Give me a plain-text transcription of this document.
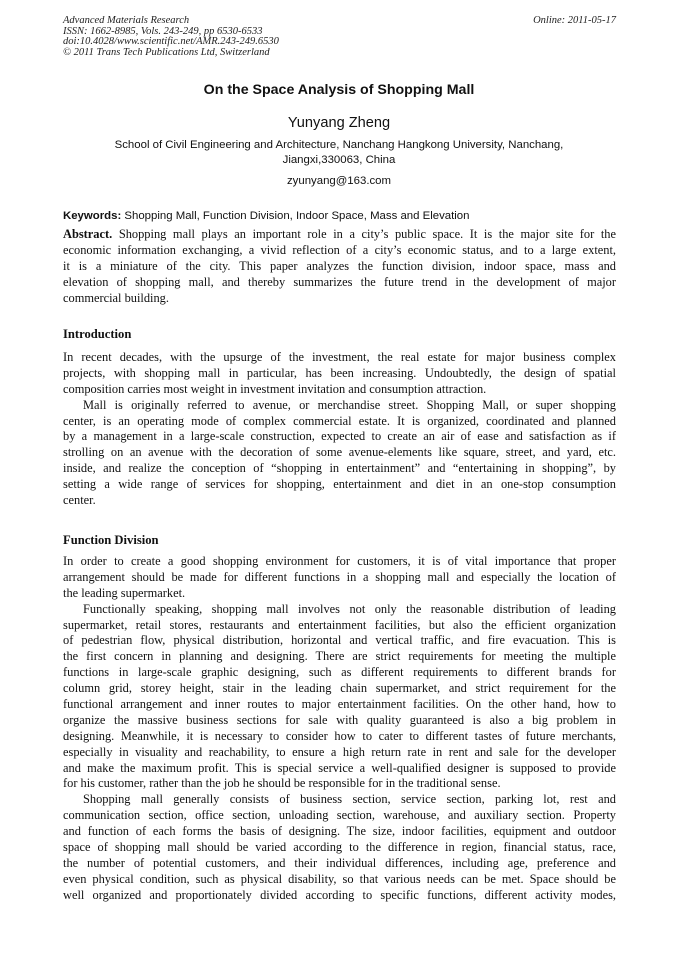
Advanced Materials Research	Online: 2011-05-17
ISSN: 1662-8985, Vols. 243-249, pp 6530-6533
doi:10.4028/www.scientific.net/AMR.243-249.6530
© 2011 Trans Tech Publications Ltd, Switzerland
On the Space Analysis of Shopping Mall
Yunyang Zheng
School of Civil Engineering and Architecture, Nanchang Hangkong University, Nanchang,
Jiangxi,330063, China
zyunyang@163.com
Keywords: Shopping Mall, Function Division, Indoor Space, Mass and Elevation
Abstract. Shopping mall plays an important role in a city’s public space. It is the major site for the
economic information exchanging, a vivid reflection of a city’s economic status, and to a large extent,
it is a miniature of the city. This paper analyzes the function division, indoor space, mass and
elevation of shopping mall, and thereby summarizes the future trend in the development of major
commercial building.
Introduction
In recent decades, with the upsurge of the investment, the real estate for major business complex
projects, with shopping mall in particular, has been increasing. Undoubtedly, the design of spatial
composition carries most weight in investment invitation and consumption attraction.
Mall is originally referred to avenue, or merchandise street. Shopping Mall, or super shopping
center, is an operating mode of complex commercial estate. It is organized, coordinated and planned
by a management in a large-scale construction, expected to create an air of ease and satisfaction as if
strolling on an avenue with the decoration of some avenue-elements like square, street, and yard, etc.
inside, and realize the conception of “shopping in entertainment” and “entertaining in shopping”, by
setting a wide range of services for shopping, entertainment and diet in an one-stop consumption
center.
Function Division
In order to create a good shopping environment for customers, it is of vital importance that proper
arrangement should be made for different functions in a shopping mall and especially the location of
the leading supermarket.
Functionally speaking, shopping mall involves not only the reasonable distribution of leading
supermarket, retail stores, restaurants and entertainment facilities, but also the efficient organization
of pedestrian flow, physical distribution, horizontal and vertical traffic, and fire evacuation. This is
the first concern in planning and designing. There are strict requirements for meeting the multiple
functions in large-scale graphic designing, such as different requirements to different brands for
column grid, storey height, stair in the leading chain supermarket, and strict requirement for the
functional arrangement and inner routes to major entertainment facilities. On the other hand, how to
organize the massive business sections for sale with quality guaranteed is also a big problem in
designing. Meanwhile, it is necessary to consider how to cater to different tastes of future merchants,
especially in visuality and reachability, to ensure a high return rate in rent and sale for the developer
and make the maximum profit. This is special service a well-qualified designer is supposed to provide
for his customer, rather than the job he should be responsible for in the traditional sense.
Shopping mall generally consists of business section, service section, parking lot, rest and
communication section, office section, unloading section, warehouse, and auxiliary section. Property
and function of each forms the basis of designing. The size, indoor facilities, equipment and outdoor
space of shopping mall should be varied according to the difference in region, financial status, race,
the number of potential customers, and their individual differences, including age, preference and
even physical condition, such as physical disability, so that various needs can be met. Space should be
well organized and proportionately divided according to specific functions, different activity modes,
